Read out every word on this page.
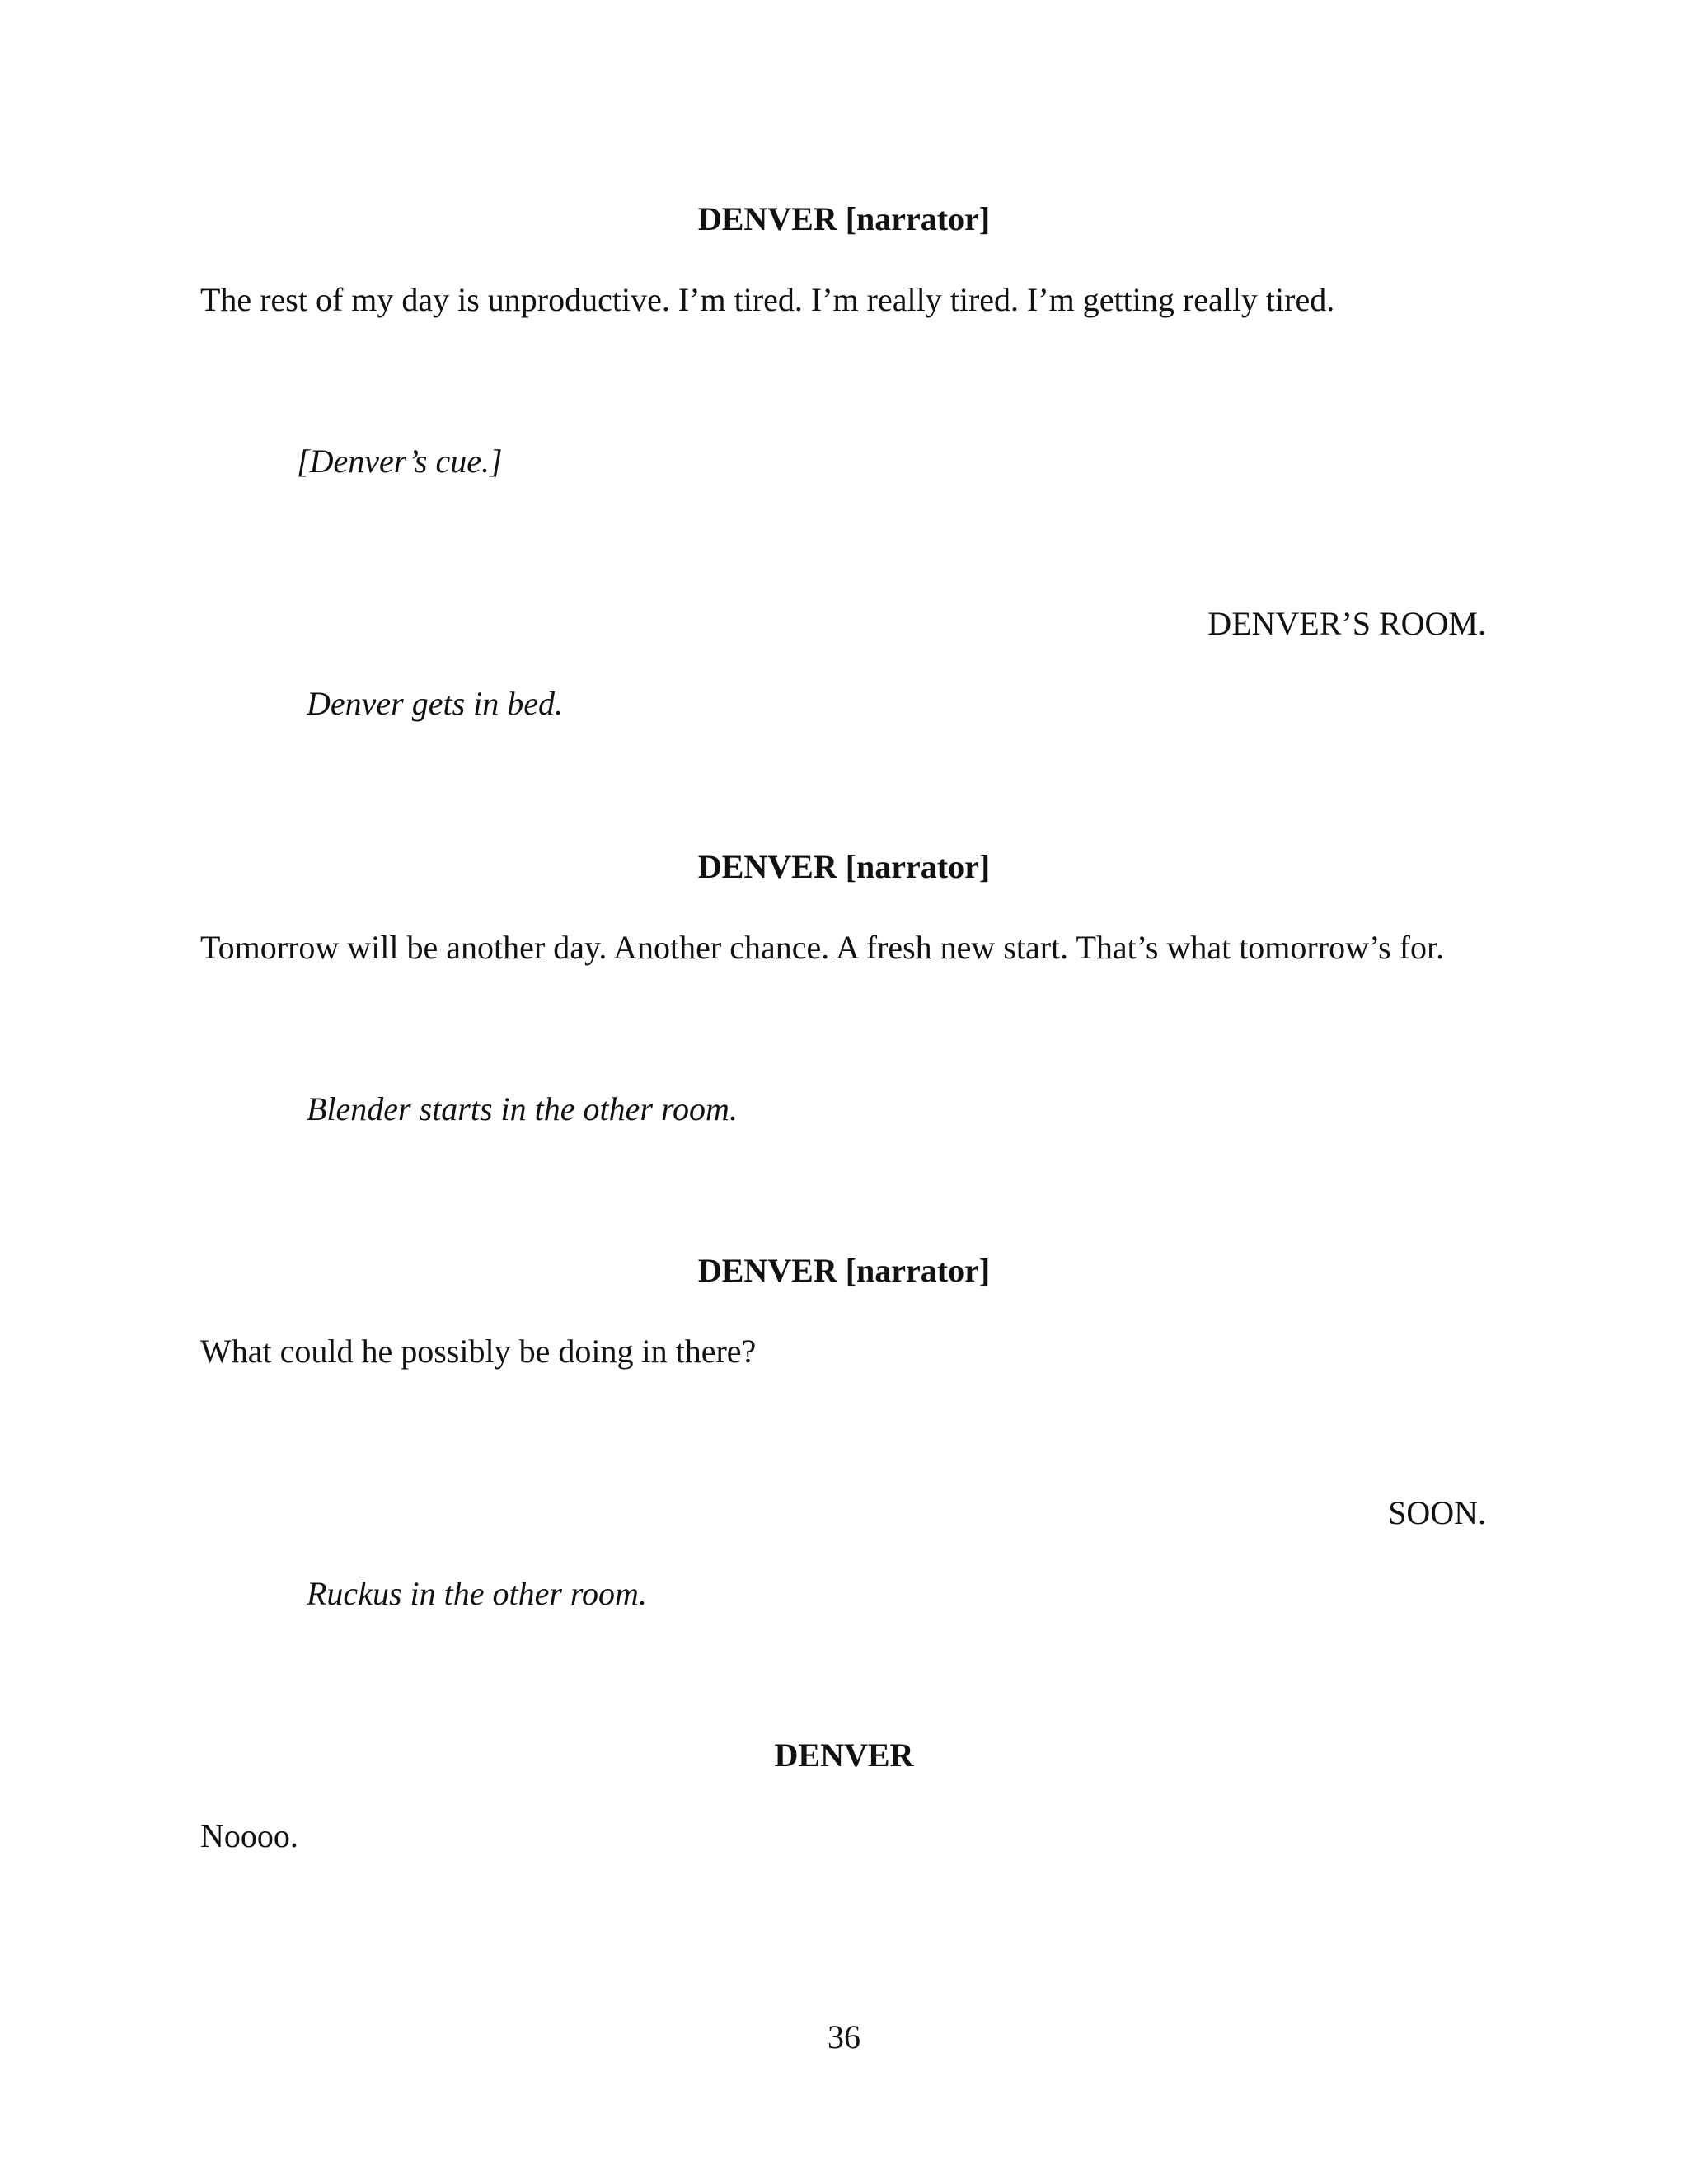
DENVER [narrator]
The rest of my day is unproductive. I’m tired. I’m really tired. I’m getting really tired.
[Denver’s cue.]
DENVER’S ROOM.
Denver gets in bed.
DENVER [narrator]
Tomorrow will be another day. Another chance. A fresh new start. That’s what tomorrow’s for.
Blender starts in the other room.
DENVER [narrator]
What could he possibly be doing in there?
SOON.
Ruckus in the other room.
DENVER
Noooo.
36
